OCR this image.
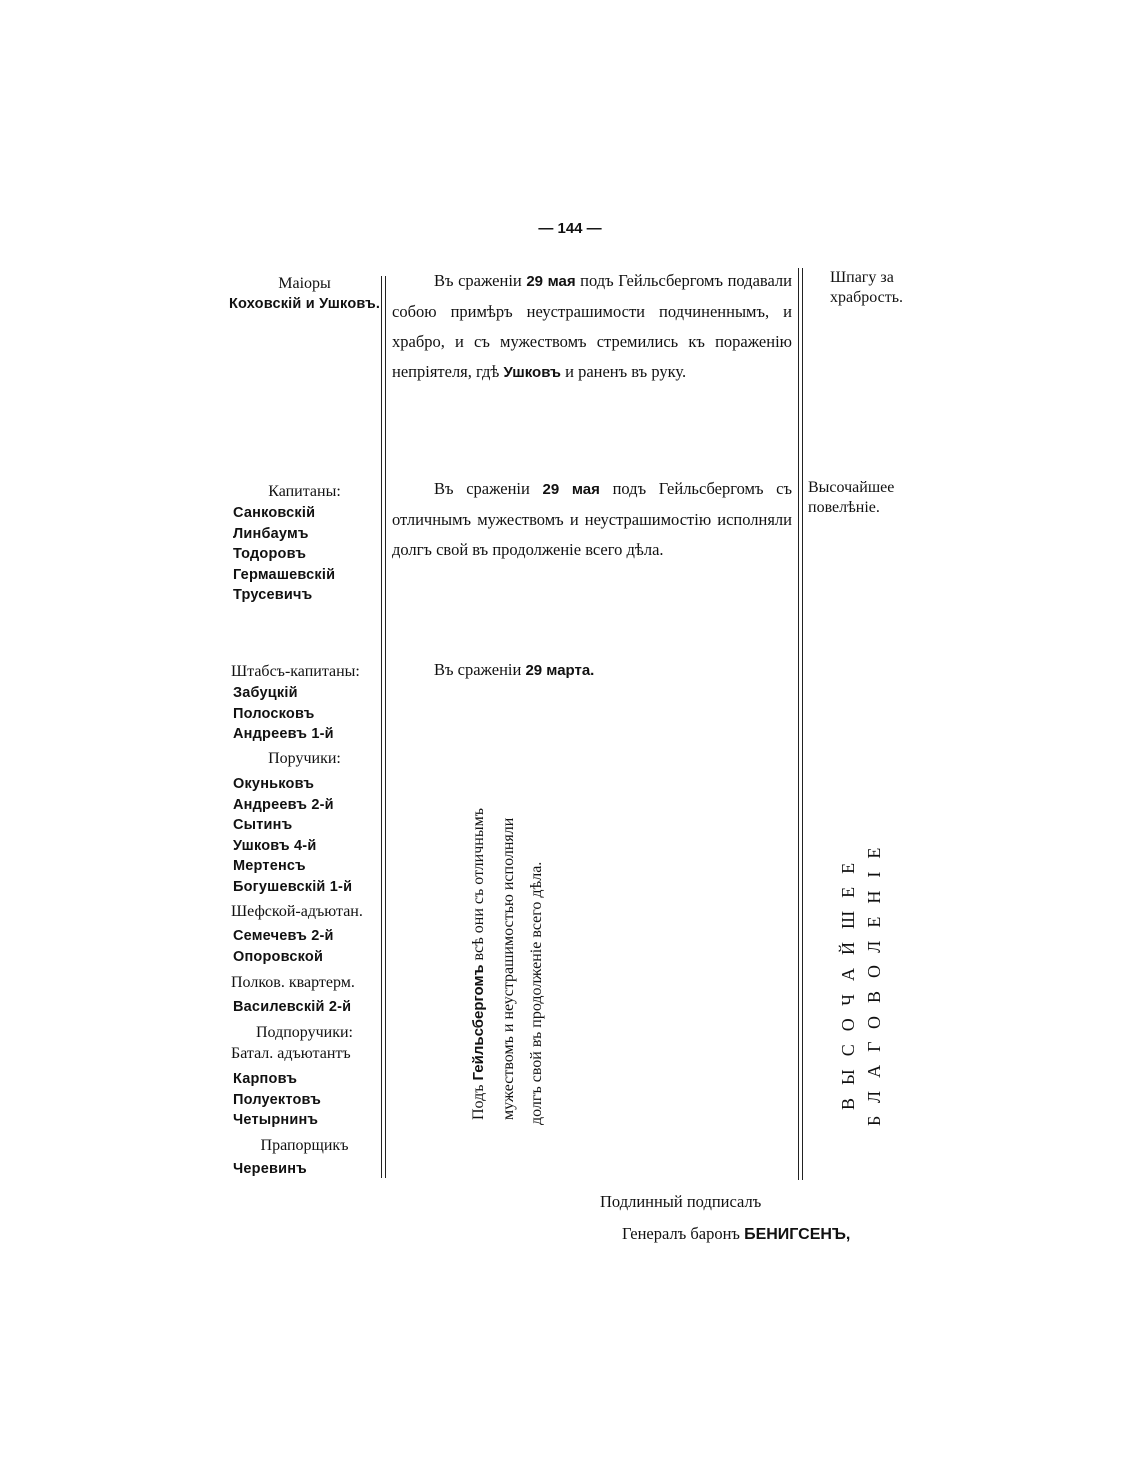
— 144 —
Маіоры
Коховскій и Ушковъ.
Въ сраженіи 29 мая подъ Гейльсбергомъ подавали собою примѣръ неустрашимости подчиненнымъ, и храбро, и съ мужествомъ стремились къ пораженію непріятеля, гдѣ Ушковъ и раненъ въ руку.
Шпагу за храбрость.
Капитаны:
Санковскій
Линбаумъ
Тодоровъ
Гермашевскій
Трусевичъ
Въ сраженіи 29 мая подъ Гейльсбергомъ съ отличнымъ мужествомъ и неустрашимостію исполняли долгъ свой въ продолженіе всего дѣла.
Высочайшее повелѣніе.
Штабсъ-капитаны:
Забуцкій
Полосковъ
Андреевъ 1-й
Поручики:
Окуньковъ
Андреевъ 2-й
Сытинъ
Ушковъ 4-й
Мертенсъ
Богушевскій 1-й
Шефской-адъютан.
Семечевъ 2-й
Опоровской
Полков. квартерм.
Василевскій 2-й
Подпоручики:
Батал. адъютантъ
Карповъ
Полуектовъ
Четырнинъ
Прапорщикъ
Черевинъ
Въ сраженіи 29 марта.
Подъ Гейльсбергомъ всѣ они съ отличнымъ мужествомъ и неустрашимостью исполняли долгъ свой въ продолженіе всего дѣла.	ВЫСОЧАЙШЕЕ БЛАГОВОЛЕНІЕ
Подлинный подписалъ
Генералъ баронъ БЕНИГСЕНЪ,
